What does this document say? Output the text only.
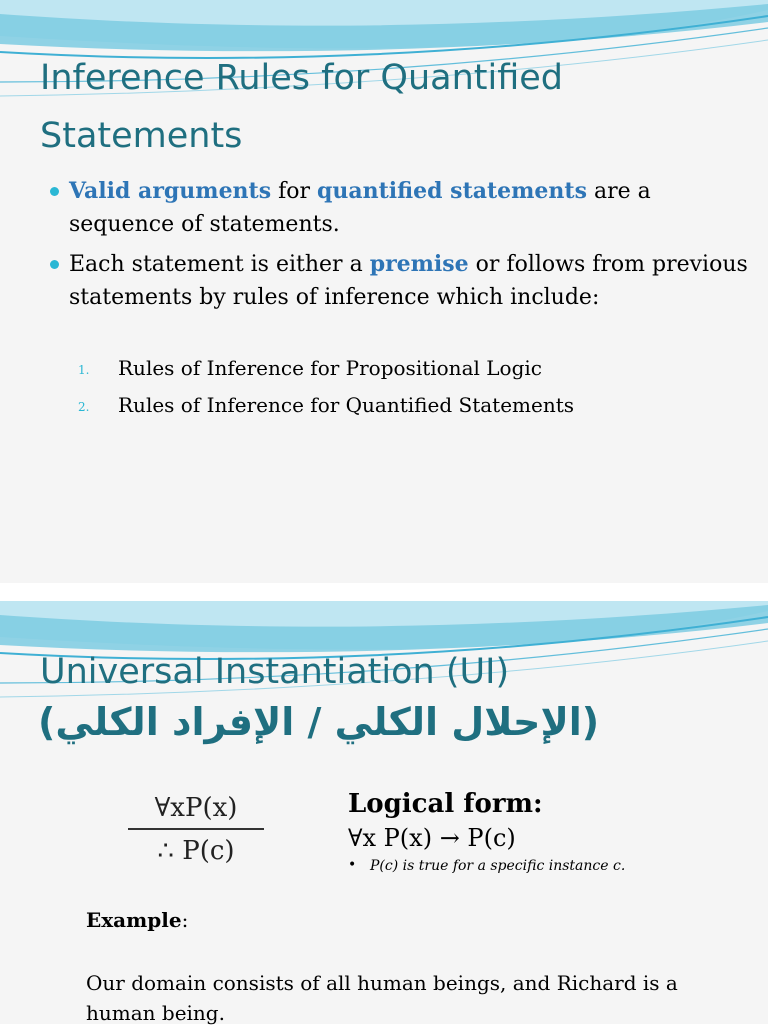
Inference Rules for Quantified
Statements
Valid arguments for quantified statements are a sequence of statements.
Each statement is either a premise or follows from previous statements by rules of inference which include:
1. Rules of Inference for Propositional Logic
2. Rules of Inference for Quantified Statements
Universal Instantiation (UI)
(الإحلال الكلي / الإفراد الكلي)
∀xP(x)
∴ P(c)
Logical form:
∀x P(x) → P(c)
• P(c) is true for a specific instance c.
Example:
Our domain consists of all human beings, and Richard is a human being.
